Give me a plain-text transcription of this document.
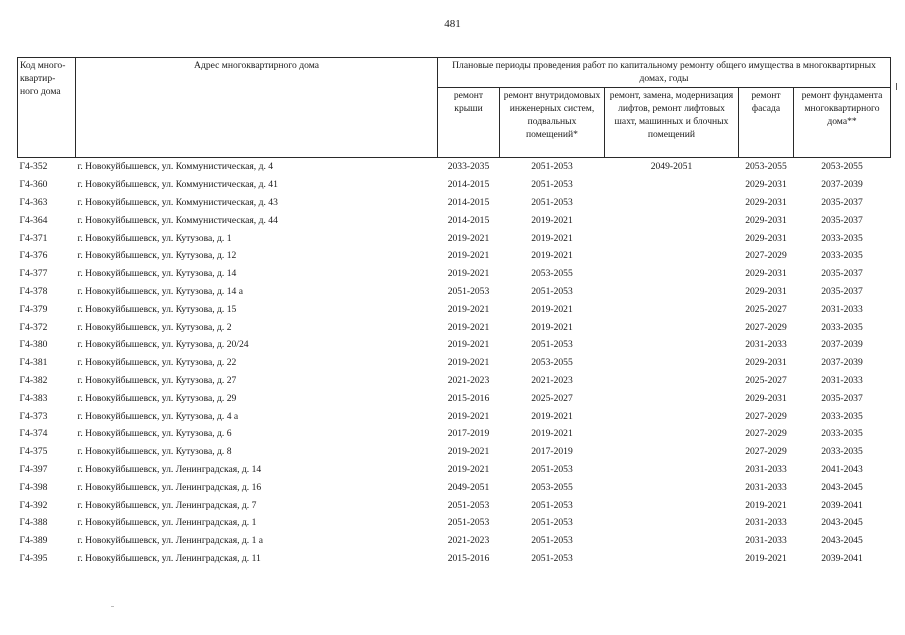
481
Код много-квартир-ного дома	Адрес многоквартирного дома	Плановые периоды проведения работ по капитальному ремонту общего имущества в многоквартирных домах, годы				
		ремонт крыши	ремонт внутридомовых инженерных систем, подвальных помещений*	ремонт, замена, модернизация лифтов, ремонт лифтовых шахт, машинных и блочных помещений	ремонт фасада	ремонт фундамента многоквартирного дома**
Г4-352	г. Новокуйбышевск, ул. Коммунистическая, д. 4	2033-2035	2051-2053	2049-2051	2053-2055	2053-2055
Г4-360	г. Новокуйбышевск, ул. Коммунистическая, д. 41	2014-2015	2051-2053		2029-2031	2037-2039
Г4-363	г. Новокуйбышевск, ул. Коммунистическая, д. 43	2014-2015	2051-2053		2029-2031	2035-2037
Г4-364	г. Новокуйбышевск, ул. Коммунистическая, д. 44	2014-2015	2019-2021		2029-2031	2035-2037
Г4-371	г. Новокуйбышевск, ул. Кутузова, д. 1	2019-2021	2019-2021		2029-2031	2033-2035
Г4-376	г. Новокуйбышевск, ул. Кутузова, д. 12	2019-2021	2019-2021		2027-2029	2033-2035
Г4-377	г. Новокуйбышевск, ул. Кутузова, д. 14	2019-2021	2053-2055		2029-2031	2035-2037
Г4-378	г. Новокуйбышевск, ул. Кутузова, д. 14 а	2051-2053	2051-2053		2029-2031	2035-2037
Г4-379	г. Новокуйбышевск, ул. Кутузова, д. 15	2019-2021	2019-2021		2025-2027	2031-2033
Г4-372	г. Новокуйбышевск, ул. Кутузова, д. 2	2019-2021	2019-2021		2027-2029	2033-2035
Г4-380	г. Новокуйбышевск, ул. Кутузова, д. 20/24	2019-2021	2051-2053		2031-2033	2037-2039
Г4-381	г. Новокуйбышевск, ул. Кутузова, д. 22	2019-2021	2053-2055		2029-2031	2037-2039
Г4-382	г. Новокуйбышевск, ул. Кутузова, д. 27	2021-2023	2021-2023		2025-2027	2031-2033
Г4-383	г. Новокуйбышевск, ул. Кутузова, д. 29	2015-2016	2025-2027		2029-2031	2035-2037
Г4-373	г. Новокуйбышевск, ул. Кутузова, д. 4 а	2019-2021	2019-2021		2027-2029	2033-2035
Г4-374	г. Новокуйбышевск, ул. Кутузова, д. 6	2017-2019	2019-2021		2027-2029	2033-2035
Г4-375	г. Новокуйбышевск, ул. Кутузова, д. 8	2019-2021	2017-2019		2027-2029	2033-2035
Г4-397	г. Новокуйбышевск, ул. Ленинградская, д. 14	2019-2021	2051-2053		2031-2033	2041-2043
Г4-398	г. Новокуйбышевск, ул. Ленинградская, д. 16	2049-2051	2053-2055		2031-2033	2043-2045
Г4-392	г. Новокуйбышевск, ул. Ленинградская, д. 7	2051-2053	2051-2053		2019-2021	2039-2041
Г4-388	г. Новокуйбышевск, ул. Ленинградская, д. 1	2051-2053	2051-2053		2031-2033	2043-2045
Г4-389	г. Новокуйбышевск, ул. Ленинградская, д. 1 а	2021-2023	2051-2053		2031-2033	2043-2045
Г4-395	г. Новокуйбышевск, ул. Ленинградская, д. 11	2015-2016	2051-2053		2019-2021	2039-2041
